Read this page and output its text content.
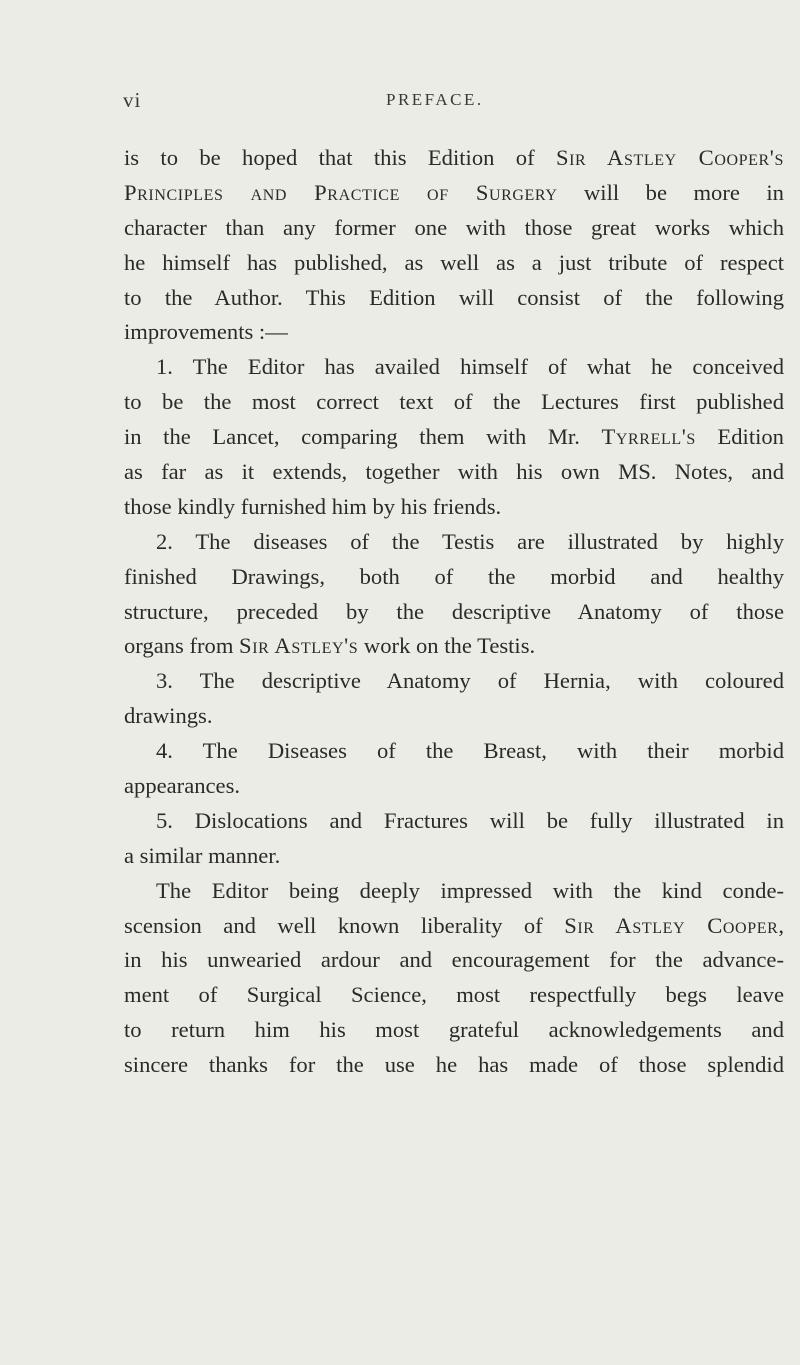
vi	PREFACE.
is to be hoped that this Edition of Sir Astley Cooper's
Principles and Practice of Surgery will be more in
character than any former one with those great works which
he himself has published, as well as a just tribute of respect
to the Author. This Edition will consist of the following
improvements :—
1. The Editor has availed himself of what he conceived
to be the most correct text of the Lectures first published
in the Lancet, comparing them with Mr. Tyrrell's Edition
as far as it extends, together with his own MS. Notes, and
those kindly furnished him by his friends.
2. The diseases of the Testis are illustrated by highly
finished Drawings, both of the morbid and healthy
structure, preceded by the descriptive Anatomy of those
organs from Sir Astley's work on the Testis.
3. The descriptive Anatomy of Hernia, with coloured
drawings.
4. The Diseases of the Breast, with their morbid
appearances.
5. Dislocations and Fractures will be fully illustrated in
a similar manner.
The Editor being deeply impressed with the kind conde-
scension and well known liberality of Sir Astley Cooper,
in his unwearied ardour and encouragement for the advance-
ment of Surgical Science, most respectfully begs leave
to return him his most grateful acknowledgements and
sincere thanks for the use he has made of those splendid
